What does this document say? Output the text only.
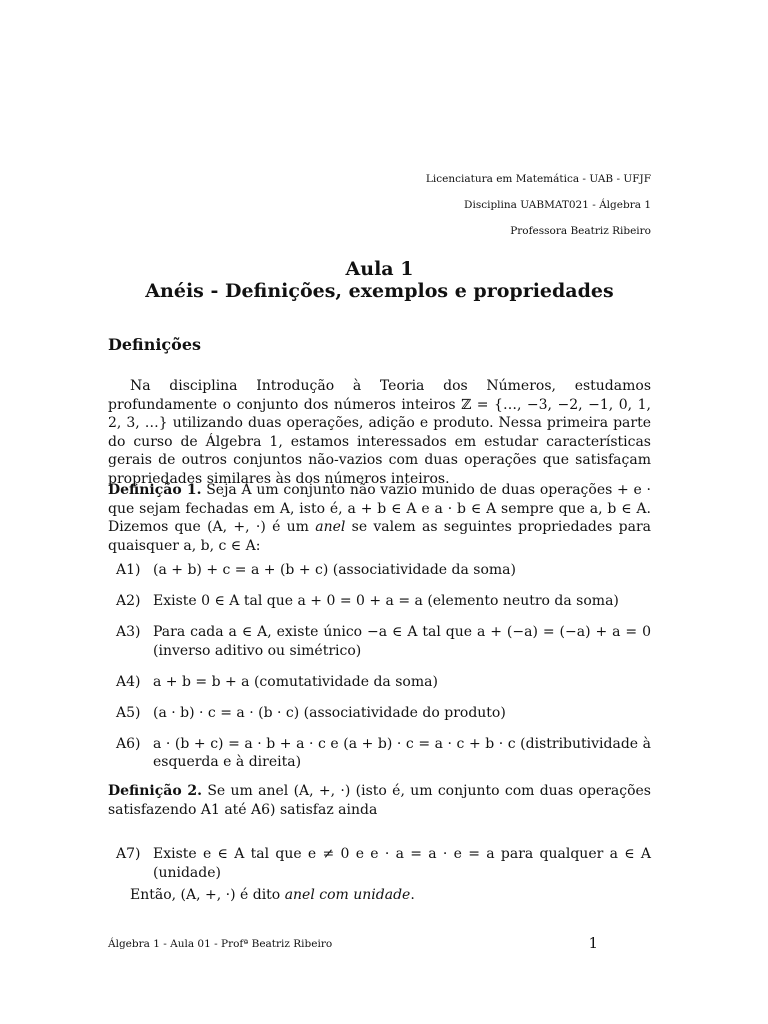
Licenciatura em Matemática - UAB - UFJF
Disciplina UABMAT021 - Álgebra 1
Professora Beatriz Ribeiro
Aula 1
Anéis - Definições, exemplos e propriedades
Definições

Na disciplina Introdução à Teoria dos Números, estudamos profundamente o conjunto dos números inteiros ℤ = {…, −3, −2, −1, 0, 1, 2, 3, …} utilizando duas operações, adição e produto. Nessa primeira parte do curso de Álgebra 1, estamos interessados em estudar características gerais de outros conjuntos não-vazios com duas operações que satisfaçam propriedades similares às dos números inteiros.

Definição 1. Seja A um conjunto não vazio munido de duas operações + e · que sejam fechadas em A, isto é, a + b ∈ A e a · b ∈ A sempre que a, b ∈ A. Dizemos que (A, +, ·) é um anel se valem as seguintes propriedades para quaisquer a, b, c ∈ A:

A1) (a + b) + c = a + (b + c) (associatividade da soma)
A2) Existe 0 ∈ A tal que a + 0 = 0 + a = a (elemento neutro da soma)
A3) Para cada a ∈ A, existe único −a ∈ A tal que a + (−a) = (−a) + a = 0 (inverso aditivo ou simétrico)
A4) a + b = b + a (comutatividade da soma)
A5) (a · b) · c = a · (b · c) (associatividade do produto)
A6) a · (b + c) = a · b + a · c e (a + b) · c = a · c + b · c (distributividade à esquerda e à direita)

Definição 2. Se um anel (A, +, ·) (isto é, um conjunto com duas operações satisfazendo A1 até A6) satisfaz ainda

A7) Existe e ∈ A tal que e ≠ 0 e e · a = a · e = a para qualquer a ∈ A (unidade)
Então, (A, +, ·) é dito anel com unidade.
Álgebra 1 - Aula 01 - Profª Beatriz Ribeiro	1
